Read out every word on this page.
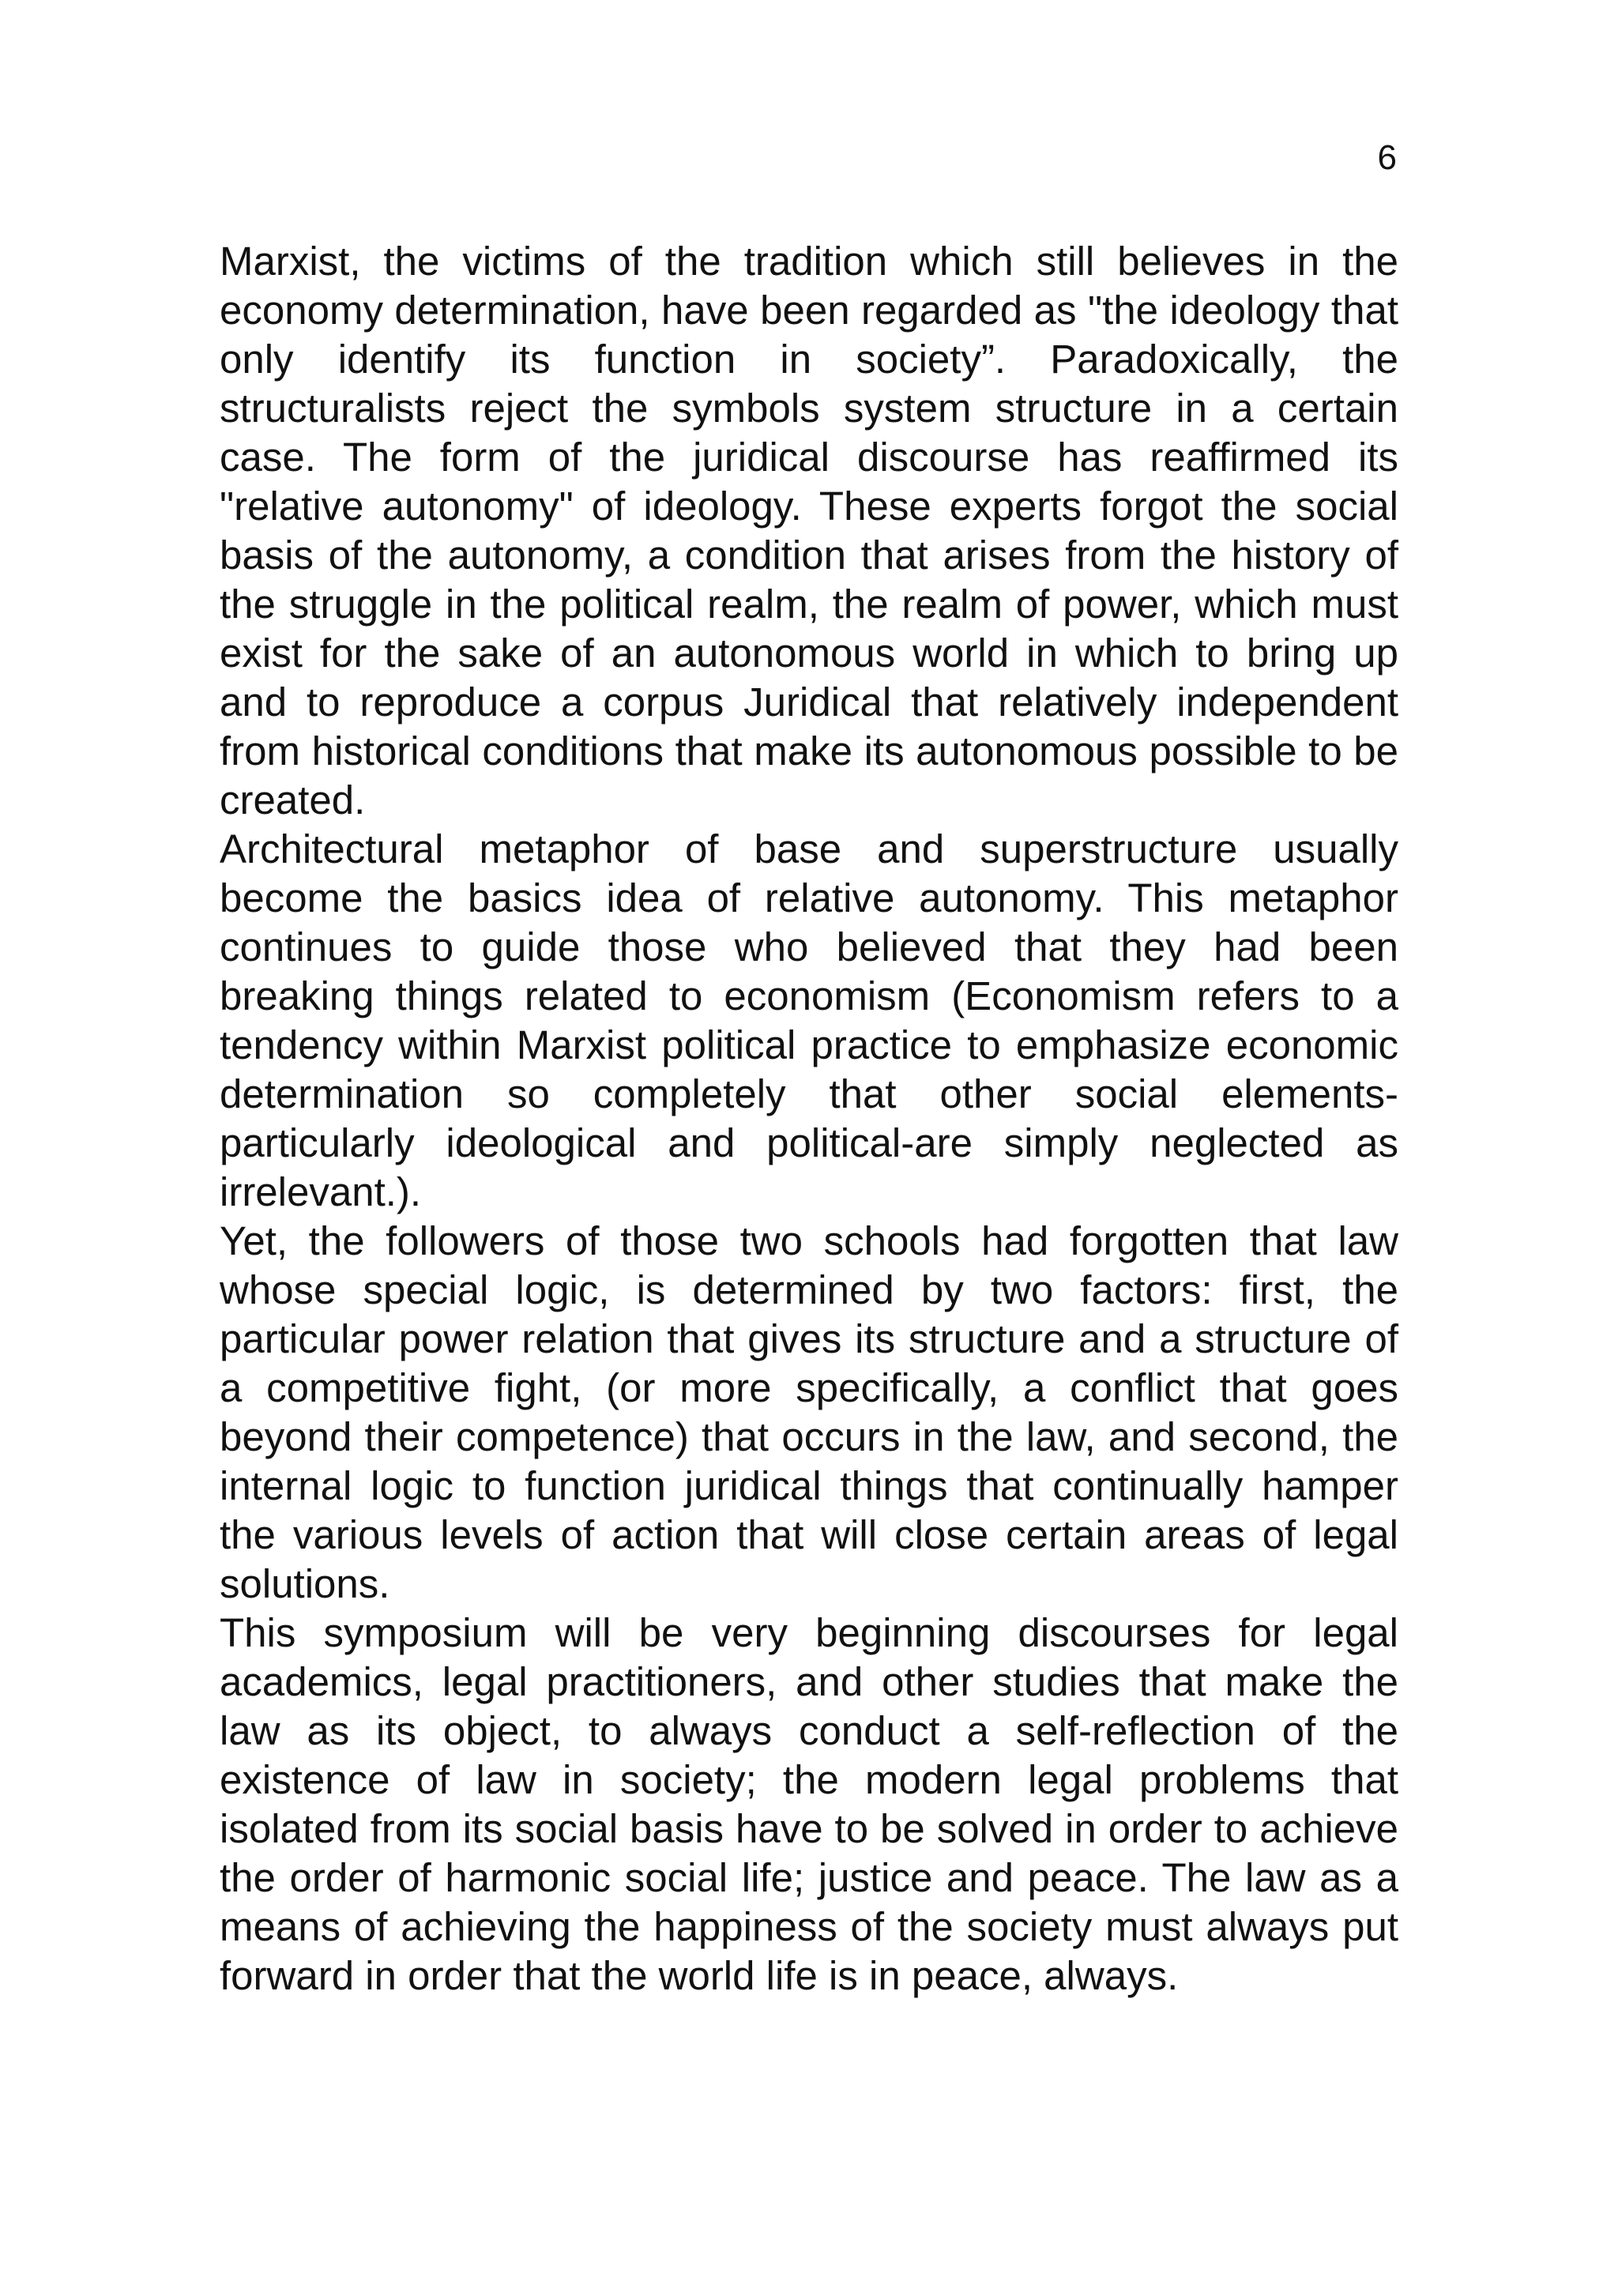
6

Marxist, the victims of the tradition which still believes in the economy determination, have been regarded as "the ideology that only identify its function in society”. Paradoxically, the structuralists reject the symbols system structure in a certain case. The form of the juridical discourse has reaffirmed its "relative autonomy" of ideology. These experts forgot the social basis of the autonomy, a condition that arises from the history of the struggle in the political realm, the realm of power, which must exist for the sake of an autonomous world in which to bring up and to reproduce a corpus Juridical that relatively independent from historical conditions that make its autonomous possible to be created.

Architectural metaphor of base and superstructure usually become the basics idea of relative autonomy. This metaphor continues to guide those who believed that they had been breaking things related to economism (Economism refers to a tendency within Marxist political practice to emphasize economic determination so completely that other social elements-particularly ideological and political-are simply neglected as irrelevant.).

Yet, the followers of those two schools had forgotten that law whose special logic, is determined by two factors: first, the particular power relation that gives its structure and a structure of a competitive fight, (or more specifically, a conflict that goes beyond their competence) that occurs in the law, and second, the internal logic to function juridical things that continually hamper the various levels of action that will close certain areas of legal solutions.

This symposium will be very beginning discourses for legal academics, legal practitioners, and other studies that make the law as its object, to always conduct a self-reflection of the existence of law in society; the modern legal problems that isolated from its social basis have to be solved in order to achieve the order of harmonic social life; justice and peace. The law as a means of achieving the happiness of the society must always put forward in order that the world life is in peace, always.
